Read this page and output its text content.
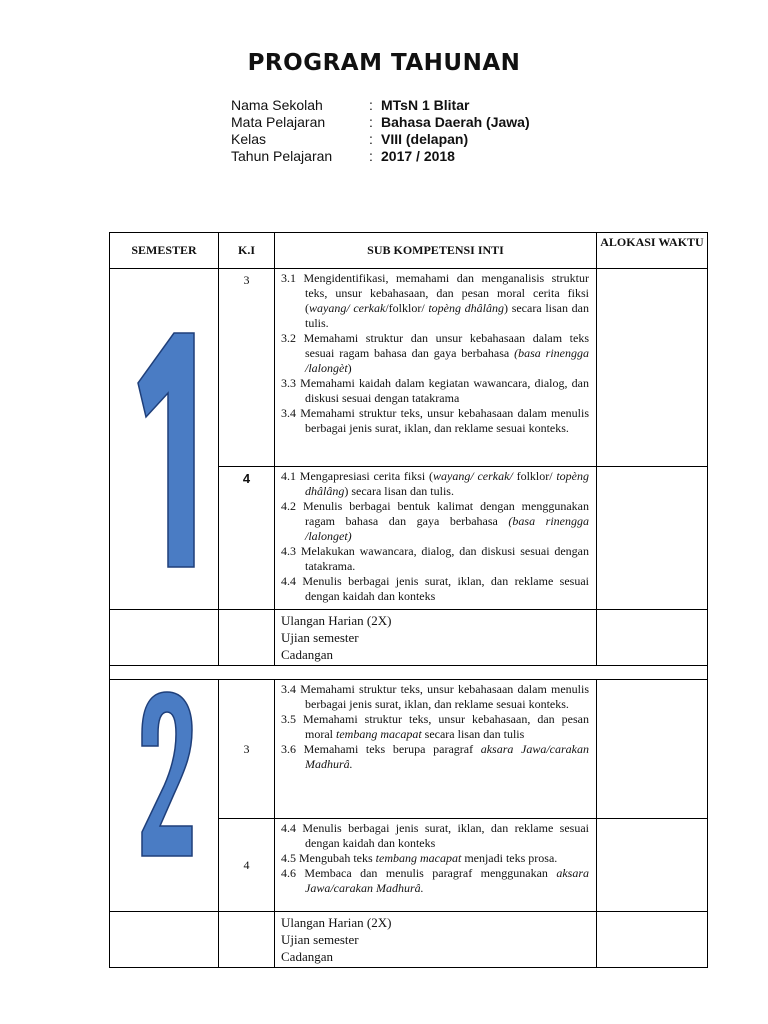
PROGRAM TAHUNAN
Nama Sekolah	: MTsN 1 Blitar
Mata Pelajaran	: Bahasa Daerah (Jawa)
Kelas	: VIII (delapan)
Tahun Pelajaran	: 2017 / 2018
SEMESTER	K.I	SUB KOMPETENSI INTI	ALOKASI WAKTU

	3	3.1 Mengidentifikasi, memahami dan menganalisis struktur teks, unsur kebahasaan, dan pesan moral cerita fiksi (wayang/ cerkak/folklor/ topèng dhâlâng) secara lisan dan tulis.

3.2 Memahami struktur dan unsur kebahasaan dalam teks sesuai ragam bahasa dan gaya berbahasa (basa rinengga /lalongèt)

3.3 Memahami kaidah dalam kegiatan wawancara, dialog, dan diskusi sesuai dengan tatakrama

3.4 Memahami struktur teks, unsur kebahasaan dalam menulis berbagai jenis surat, iklan, dan reklame sesuai konteks.	

	4	4.1 Mengapresiasi cerita fiksi (wayang/ cerkak/ folklor/ topèng dhâlâng) secara lisan dan tulis.

4.2 Menulis berbagai bentuk kalimat dengan menggunakan ragam bahasa dan gaya berbahasa (basa rinengga /lalonget)

4.3 Melakukan wawancara, dialog, dan diskusi sesuai dengan tatakrama.

4.4 Menulis berbagai jenis surat, iklan, dan reklame sesuai dengan kaidah dan konteks	

		Ulangan Harian (2X)
Ujian semester
Cadangan	

	3	3.4 Memahami struktur teks, unsur kebahasaan dalam menulis berbagai jenis surat, iklan, dan reklame sesuai konteks.

3.5 Memahami struktur teks, unsur kebahasaan, dan pesan moral tembang macapat secara lisan dan tulis

3.6 Memahami teks berupa paragraf aksara Jawa/carakan Madhurâ.	

	4	4.4 Menulis berbagai jenis surat, iklan, dan reklame sesuai dengan kaidah dan konteks

4.5 Mengubah teks tembang macapat menjadi teks prosa.

4.6 Membaca dan menulis paragraf menggunakan aksara Jawa/carakan Madhurâ.	

		Ulangan Harian (2X)
Ujian semester
Cadangan	
